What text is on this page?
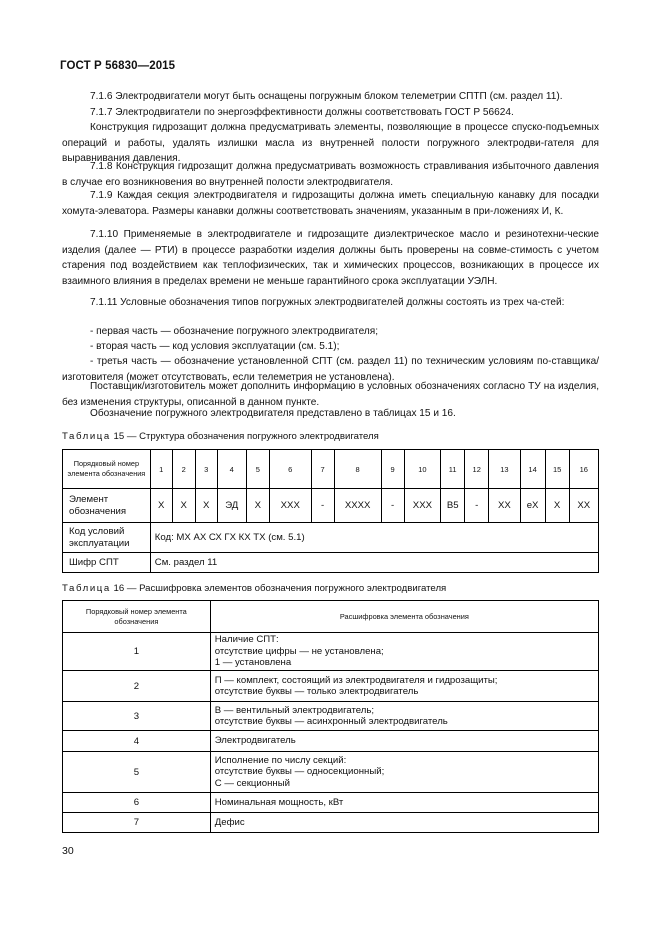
ГОСТ Р 56830—2015
7.1.6 Электродвигатели могут быть оснащены погружным блоком телеметрии СПТП (см. раздел 11).
7.1.7 Электродвигатели по энергоэффективности должны соответствовать ГОСТ Р 56624.
Конструкция гидрозащит должна предусматривать элементы, позволяющие в процессе спуско-подъемных операций и работы, удалять излишки масла из внутренней полости погружного электродви-гателя для выравнивания давления.
7.1.8 Конструкция гидрозащит должна предусматривать возможность стравливания избыточного давления в случае его возникновения во внутренней полости электродвигателя.
7.1.9 Каждая секция электродвигателя и гидрозащиты должна иметь специальную канавку для посадки хомута-элеватора. Размеры канавки должны соответствовать значениям, указанным в при-ложениях И, К.
7.1.10 Применяемые в электродвигателе и гидрозащите диэлектрическое масло и резинотехни-ческие изделия (далее — РТИ) в процессе разработки изделия должны быть проверены на совме-стимость с учетом старения под воздействием как теплофизических, так и химических процессов, возникающих в процессе их взаимного влияния в пределах времени не меньше гарантийного срока эксплуатации УЭЛН.
7.1.11 Условные обозначения типов погружных электродвигателей должны состоять из трех ча-стей:
- первая часть — обозначение погружного электродвигателя;
- вторая часть — код условия эксплуатации (см. 5.1);
- третья часть — обозначение установленной СПТ (см. раздел 11) по техническим условиям по-ставщика/изготовителя (может отсутствовать, если телеметрия не установлена).
Поставщик/изготовитель может дополнить информацию в условных обозначениях согласно ТУ на изделия, без изменения структуры, описанной в данном пункте.
Обозначение погружного электродвигателя представлено в таблицах 15 и 16.
Таблица 15 — Структура обозначения погружного электродвигателя
Порядковый номер элемента обозначения	1	2	3	4	5	6	7	8	9	10	11	12	13	14	15	16
Элемент обозначения	Х	Х	Х	ЭД	Х	ХХХ	-	ХХХХ	-	ХХХ	В5	-	ХХ	еХ	Х	ХХ
Код условий эксплуатации	Код: МХ АХ СХ ГХ КХ ТХ (см. 5.1)															
Шифр СПТ	См. раздел 11															
Таблица 16 — Расшифровка элементов обозначения погружного электродвигателя
Порядковый номер элемента обозначения	Расшифровка элемента обозначения
1	Наличие СПТ:
отсутствие цифры — не установлена;
1 — установлена

2	П — комплект, состоящий из электродвигателя и гидрозащиты;
отсутствие буквы — только электродвигатель

3	В — вентильный электродвигатель;
отсутствие буквы — асинхронный электродвигатель

4	Электродвигатель

5	Исполнение по числу секций:
отсутствие буквы — односекционный;
С — секционный

6	Номинальная мощность, кВт

7	Дефис
30
